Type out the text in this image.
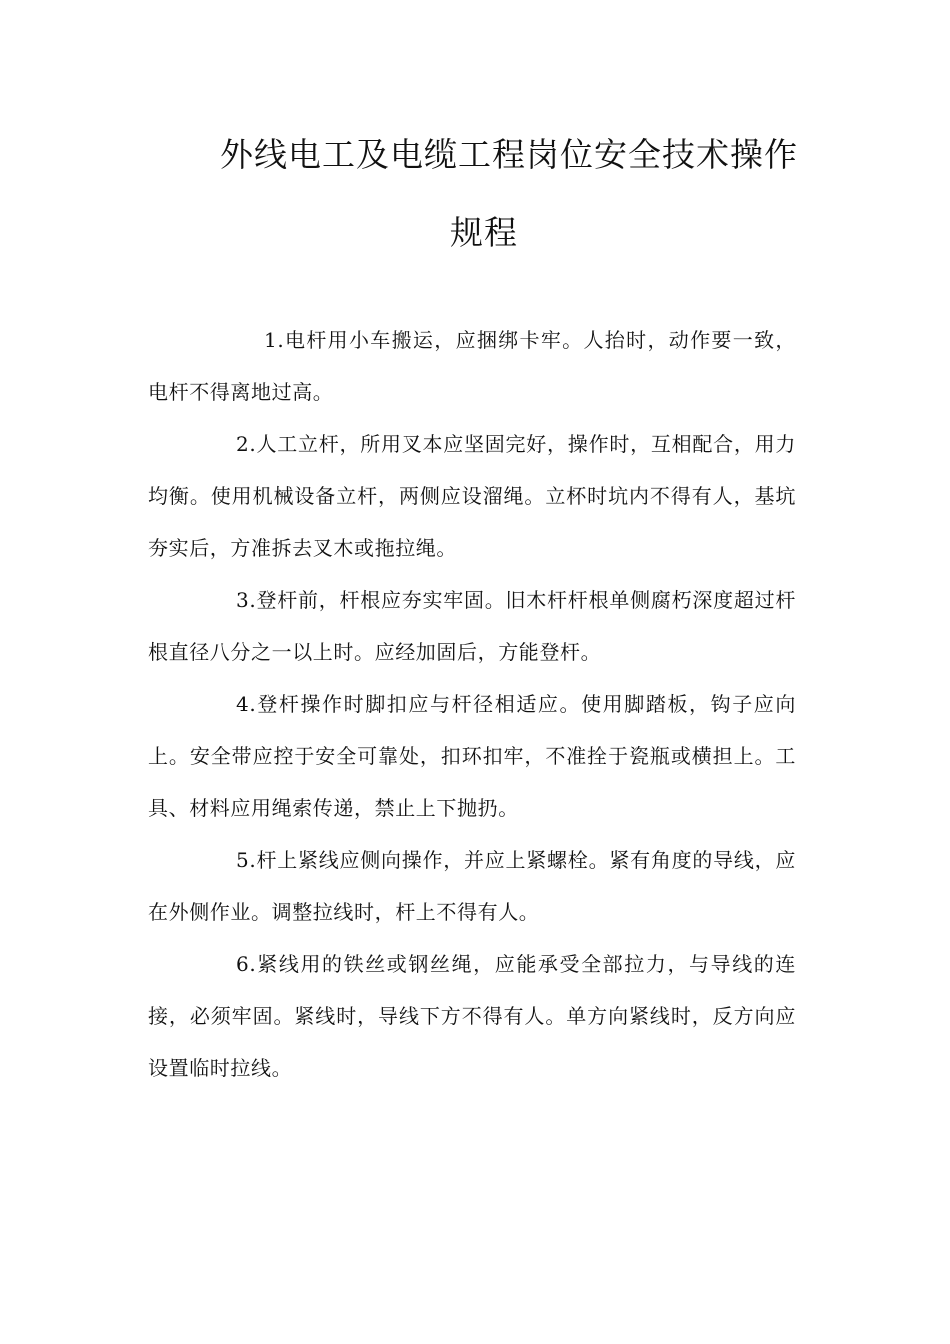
外线电工及电缆工程岗位安全技术操作
规程

1.电杆用小车搬运，应捆绑卡牢。人抬时，动作要一致，电杆不得离地过高。

2.人工立杆，所用叉本应坚固完好，操作时，互相配合，用力均衡。使用机械设备立杆，两侧应设溜绳。立杯时坑内不得有人，基坑夯实后，方准拆去叉木或拖拉绳。

3.登杆前，杆根应夯实牢固。旧木杆杆根单侧腐朽深度超过杆根直径八分之一以上时。应经加固后，方能登杆。

4.登杆操作时脚扣应与杆径相适应。使用脚踏板，钩子应向上。安全带应控于安全可靠处，扣环扣牢，不准拴于瓷瓶或横担上。工具、材料应用绳索传递，禁止上下抛扔。

5.杆上紧线应侧向操作，并应上紧螺栓。紧有角度的导线，应在外侧作业。调整拉线时，杆上不得有人。

6.紧线用的铁丝或钢丝绳，应能承受全部拉力，与导线的连接，必须牢固。紧线时，导线下方不得有人。单方向紧线时，反方向应设置临时拉线。
